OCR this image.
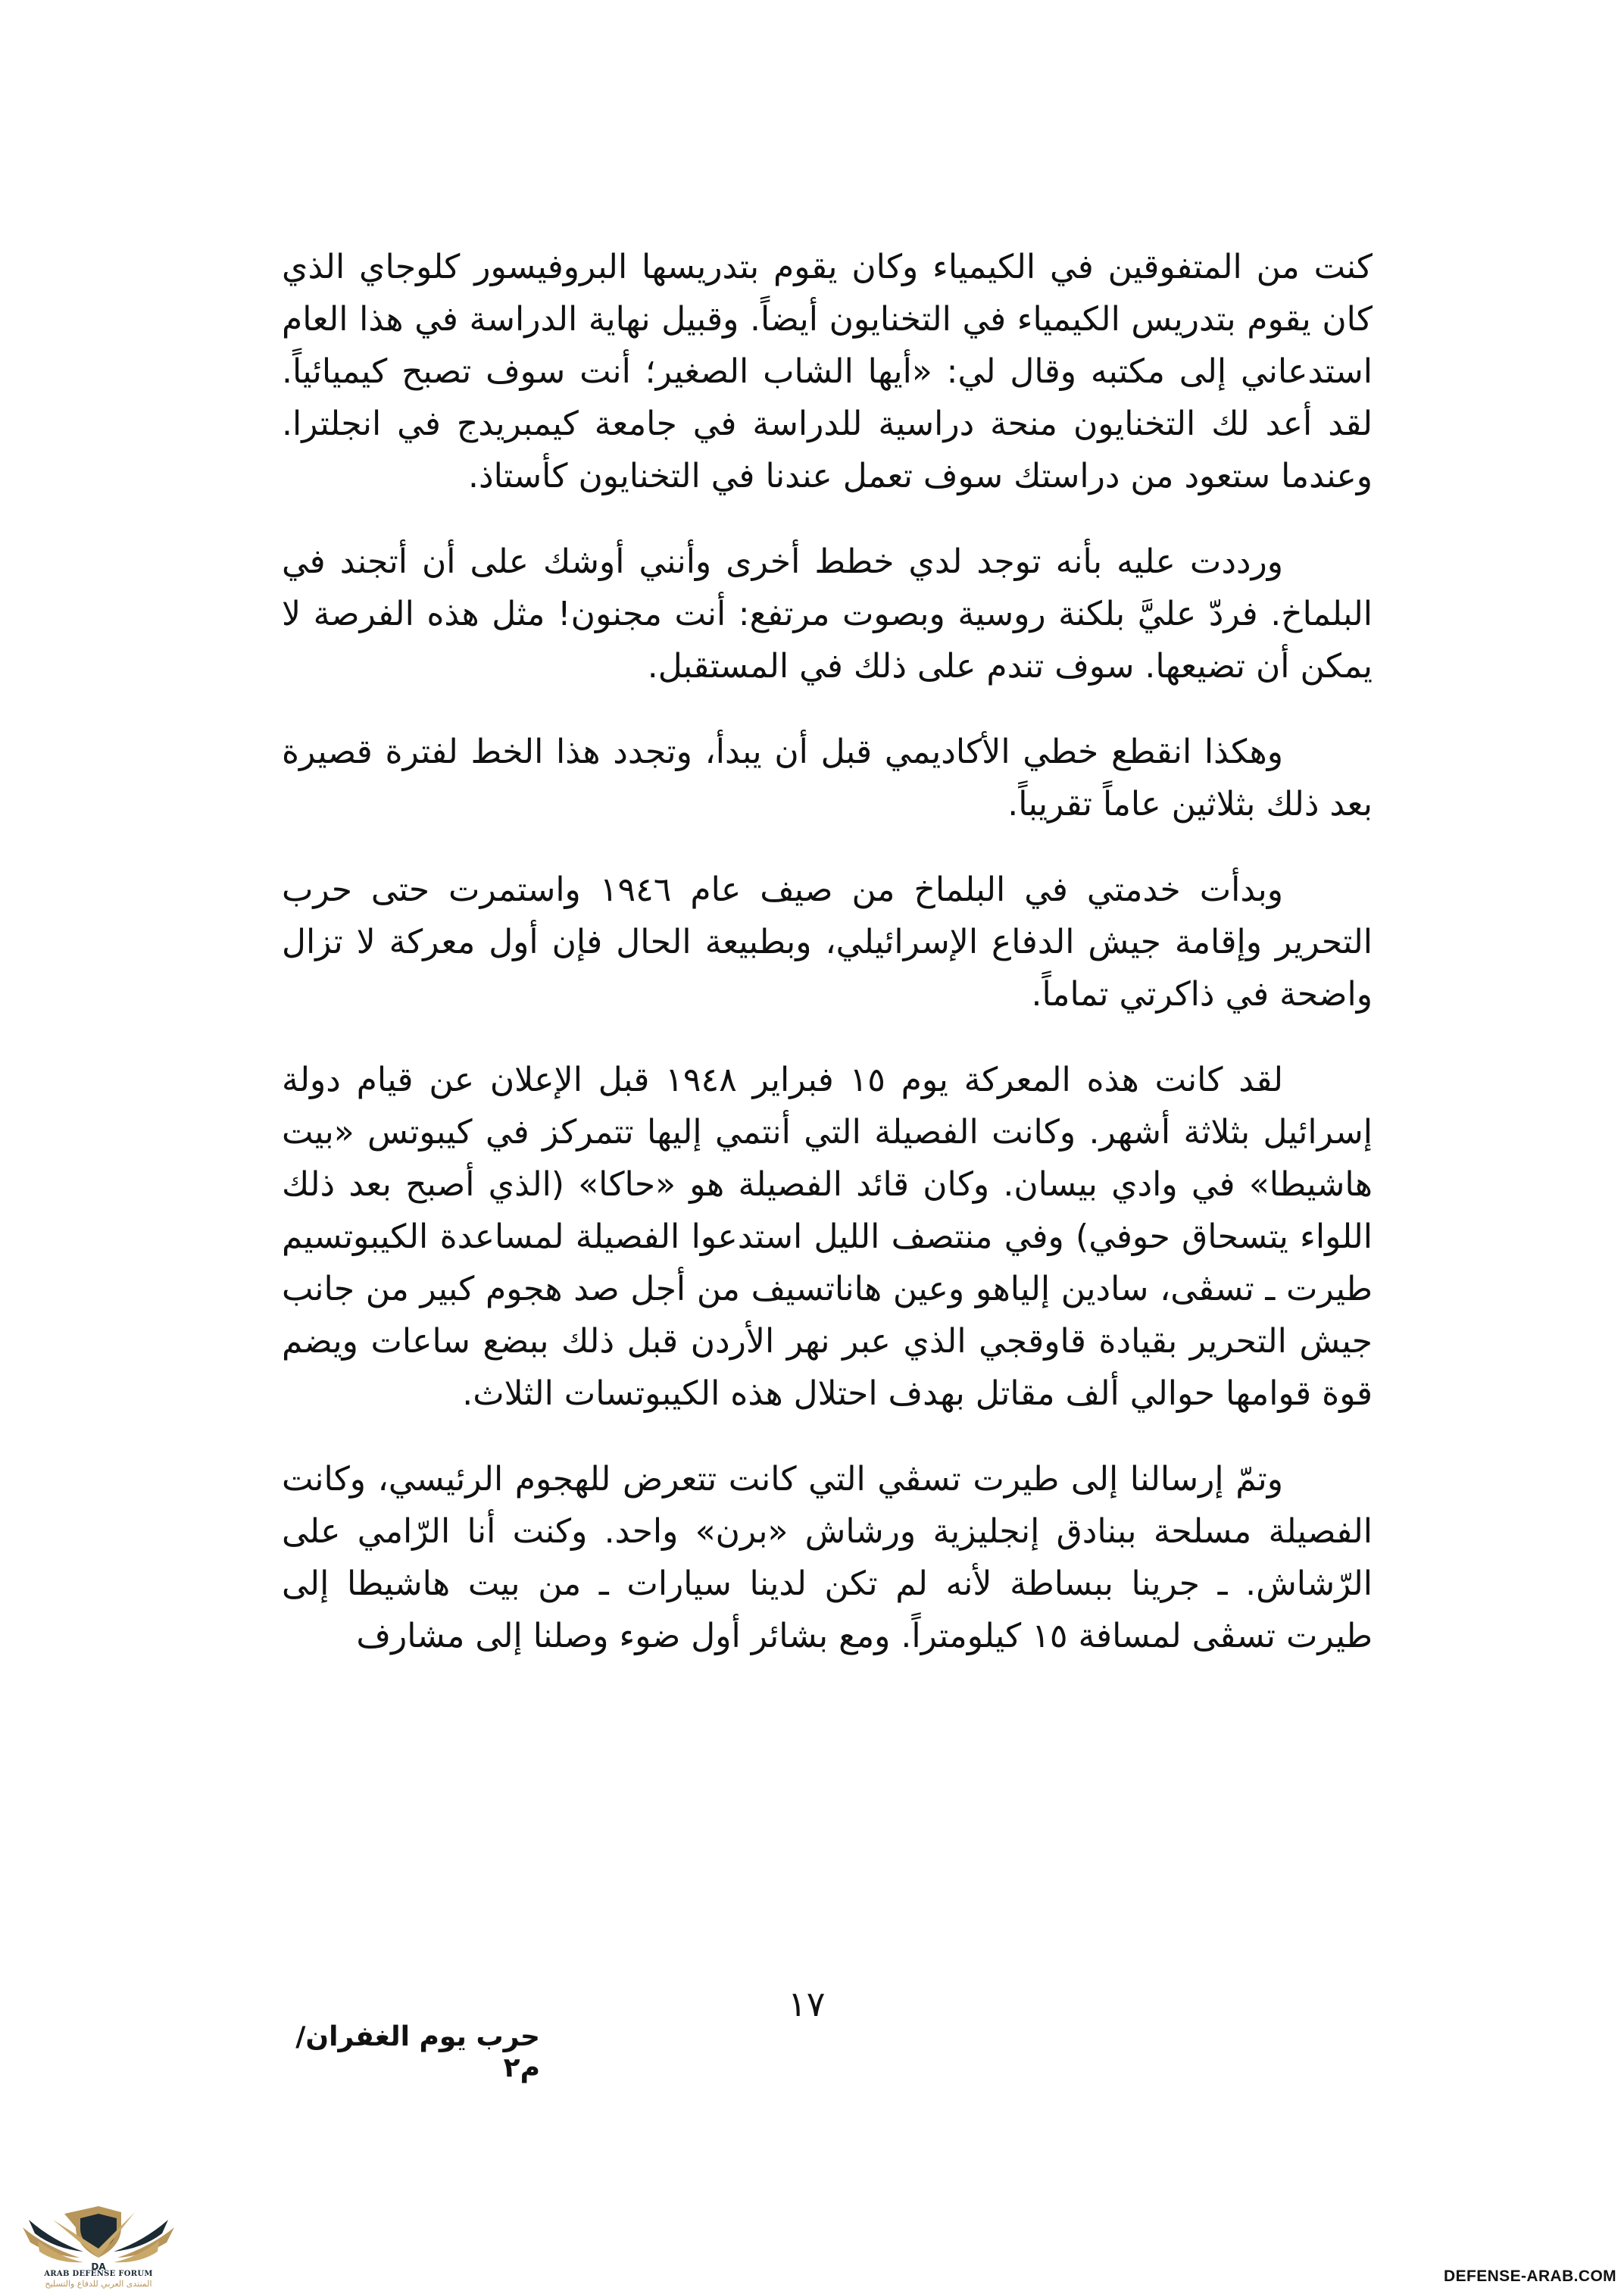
كنت من المتفوقين في الكيمياء وكان يقوم بتدريسها البروفيسور كلوجاي الذي كان يقوم بتدريس الكيمياء في التخنايون أيضاً. وقبيل نهاية الدراسة في هذا العام استدعاني إلى مكتبه وقال لي: «أيها الشاب الصغير؛ أنت سوف تصبح كيميائياً. لقد أعد لك التخنايون منحة دراسية للدراسة في جامعة كيمبريدج في انجلترا. وعندما ستعود من دراستك سوف تعمل عندنا في التخنايون كأستاذ.

ورددت عليه بأنه توجد لدي خطط أخرى وأنني أوشك على أن أتجند في البلماخ. فردّ عليَّ بلكنة روسية وبصوت مرتفع: أنت مجنون! مثل هذه الفرصة لا يمكن أن تضيعها. سوف تندم على ذلك في المستقبل.

وهكذا انقطع خطي الأكاديمي قبل أن يبدأ، وتجدد هذا الخط لفترة قصيرة بعد ذلك بثلاثين عاماً تقريباً.

وبدأت خدمتي في البلماخ من صيف عام ١٩٤٦ واستمرت حتى حرب التحرير وإقامة جيش الدفاع الإسرائيلي، وبطبيعة الحال فإن أول معركة لا تزال واضحة في ذاكرتي تماماً.

لقد كانت هذه المعركة يوم ١٥ فبراير ١٩٤٨ قبل الإعلان عن قيام دولة إسرائيل بثلاثة أشهر. وكانت الفصيلة التي أنتمي إليها تتمركز في كيبوتس «بيت هاشيطا» في وادي بيسان. وكان قائد الفصيلة هو «حاكا» (الذي أصبح بعد ذلك اللواء يتسحاق حوفي) وفي منتصف الليل استدعوا الفصيلة لمساعدة الكيبوتسيم طيرت ـ تسڤى، سادين إلياهو وعين هاناتسيف من أجل صد هجوم كبير من جانب جيش التحرير بقيادة قاوقجي الذي عبر نهر الأردن قبل ذلك ببضع ساعات ويضم قوة قوامها حوالي ألف مقاتل بهدف احتلال هذه الكيبوتسات الثلاث.

وتمّ إرسالنا إلى طيرت تسڤي التي كانت تتعرض للهجوم الرئيسي، وكانت الفصيلة مسلحة ببنادق إنجليزية ورشاش «برن» واحد. وكنت أنا الرّامي على الرّشاش. ـ جرينا ببساطة لأنه لم تكن لدينا سيارات ـ من بيت هاشيطا إلى طيرت تسڤى لمسافة ١٥ كيلومتراً. ومع بشائر أول ضوء وصلنا إلى مشارف

١٧
حرب يوم الغفران/ م٢
DA
ARAB DEFENSE FORUM
المنتدى العربي للدفاع والتسليح	DEFENSE-ARAB.COM
